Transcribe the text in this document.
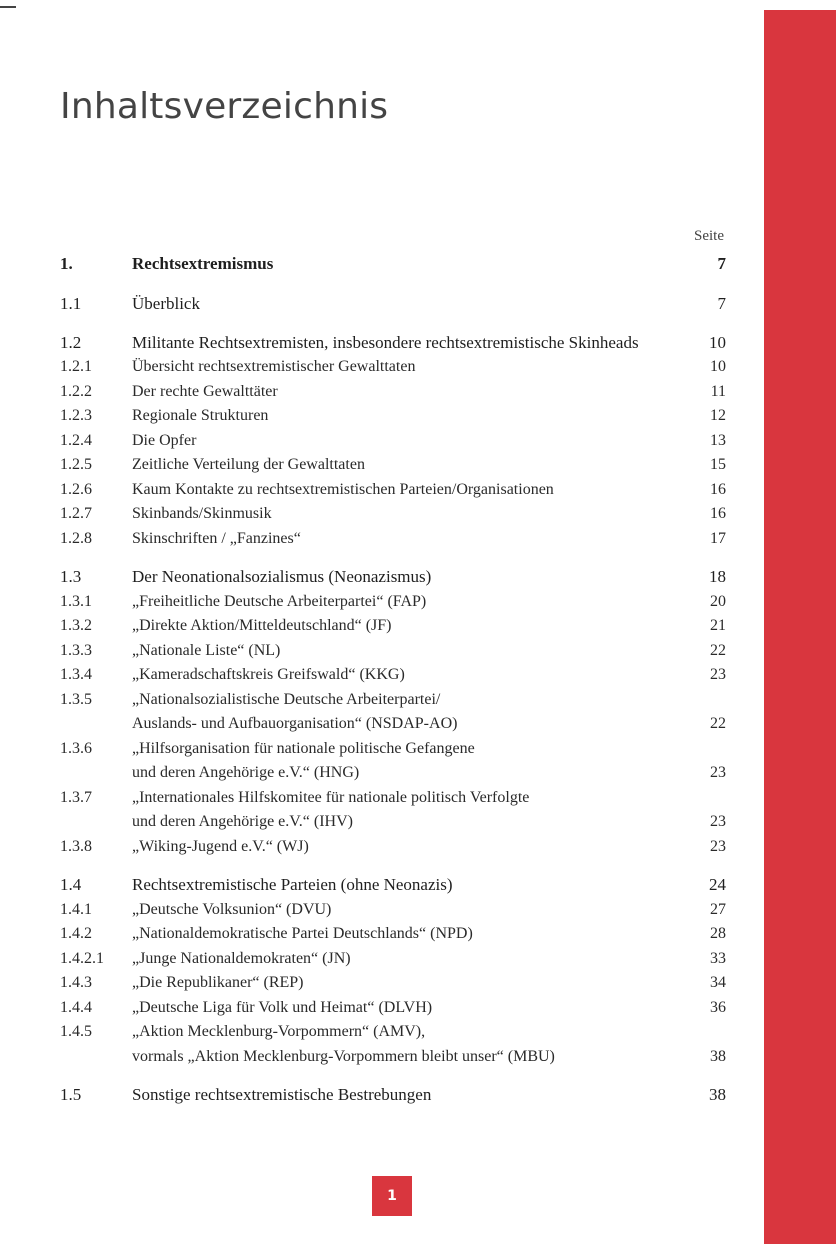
Inhaltsverzeichnis
Seite
1.	Rechtsextremismus	7
1.1	Überblick	7
1.2	Militante Rechtsextremisten, insbesondere rechtsextremistische Skinheads	10
1.2.1	Übersicht rechtsextremistischer Gewalttaten	10
1.2.2	Der rechte Gewalttäter	11
1.2.3	Regionale Strukturen	12
1.2.4	Die Opfer	13
1.2.5	Zeitliche Verteilung der Gewalttaten	15
1.2.6	Kaum Kontakte zu rechtsextremistischen Parteien/Organisationen	16
1.2.7	Skinbands/Skinmusik	16
1.2.8	Skinschriften / „Fanzines“	17
1.3	Der Neonationalsozialismus (Neonazismus)	18
1.3.1	„Freiheitliche Deutsche Arbeiterpartei“ (FAP)	20
1.3.2	„Direkte Aktion/Mitteldeutschland“ (JF)	21
1.3.3	„Nationale Liste“ (NL)	22
1.3.4	„Kameradschaftskreis Greifswald“ (KKG)	23
1.3.5	„Nationalsozialistische Deutsche Arbeiterpartei/
Auslands- und Aufbauorganisation“ (NSDAP-AO)	22
1.3.6	„Hilfsorganisation für nationale politische Gefangene
und deren Angehörige e.V.“ (HNG)	23
1.3.7	„Internationales Hilfskomitee für nationale politisch Verfolgte
und deren Angehörige e.V.“ (IHV)	23
1.3.8	„Wiking-Jugend e.V.“ (WJ)	23
1.4	Rechtsextremistische Parteien (ohne Neonazis)	24
1.4.1	„Deutsche Volksunion“ (DVU)	27
1.4.2	„Nationaldemokratische Partei Deutschlands“ (NPD)	28
1.4.2.1	„Junge Nationaldemokraten“ (JN)	33
1.4.3	„Die Republikaner“ (REP)	34
1.4.4	„Deutsche Liga für Volk und Heimat“ (DLVH)	36
1.4.5	„Aktion Mecklenburg-Vorpommern“ (AMV),
vormals „Aktion Mecklenburg-Vorpommern bleibt unser“ (MBU)	38
1.5	Sonstige rechtsextremistische Bestrebungen	38
1
